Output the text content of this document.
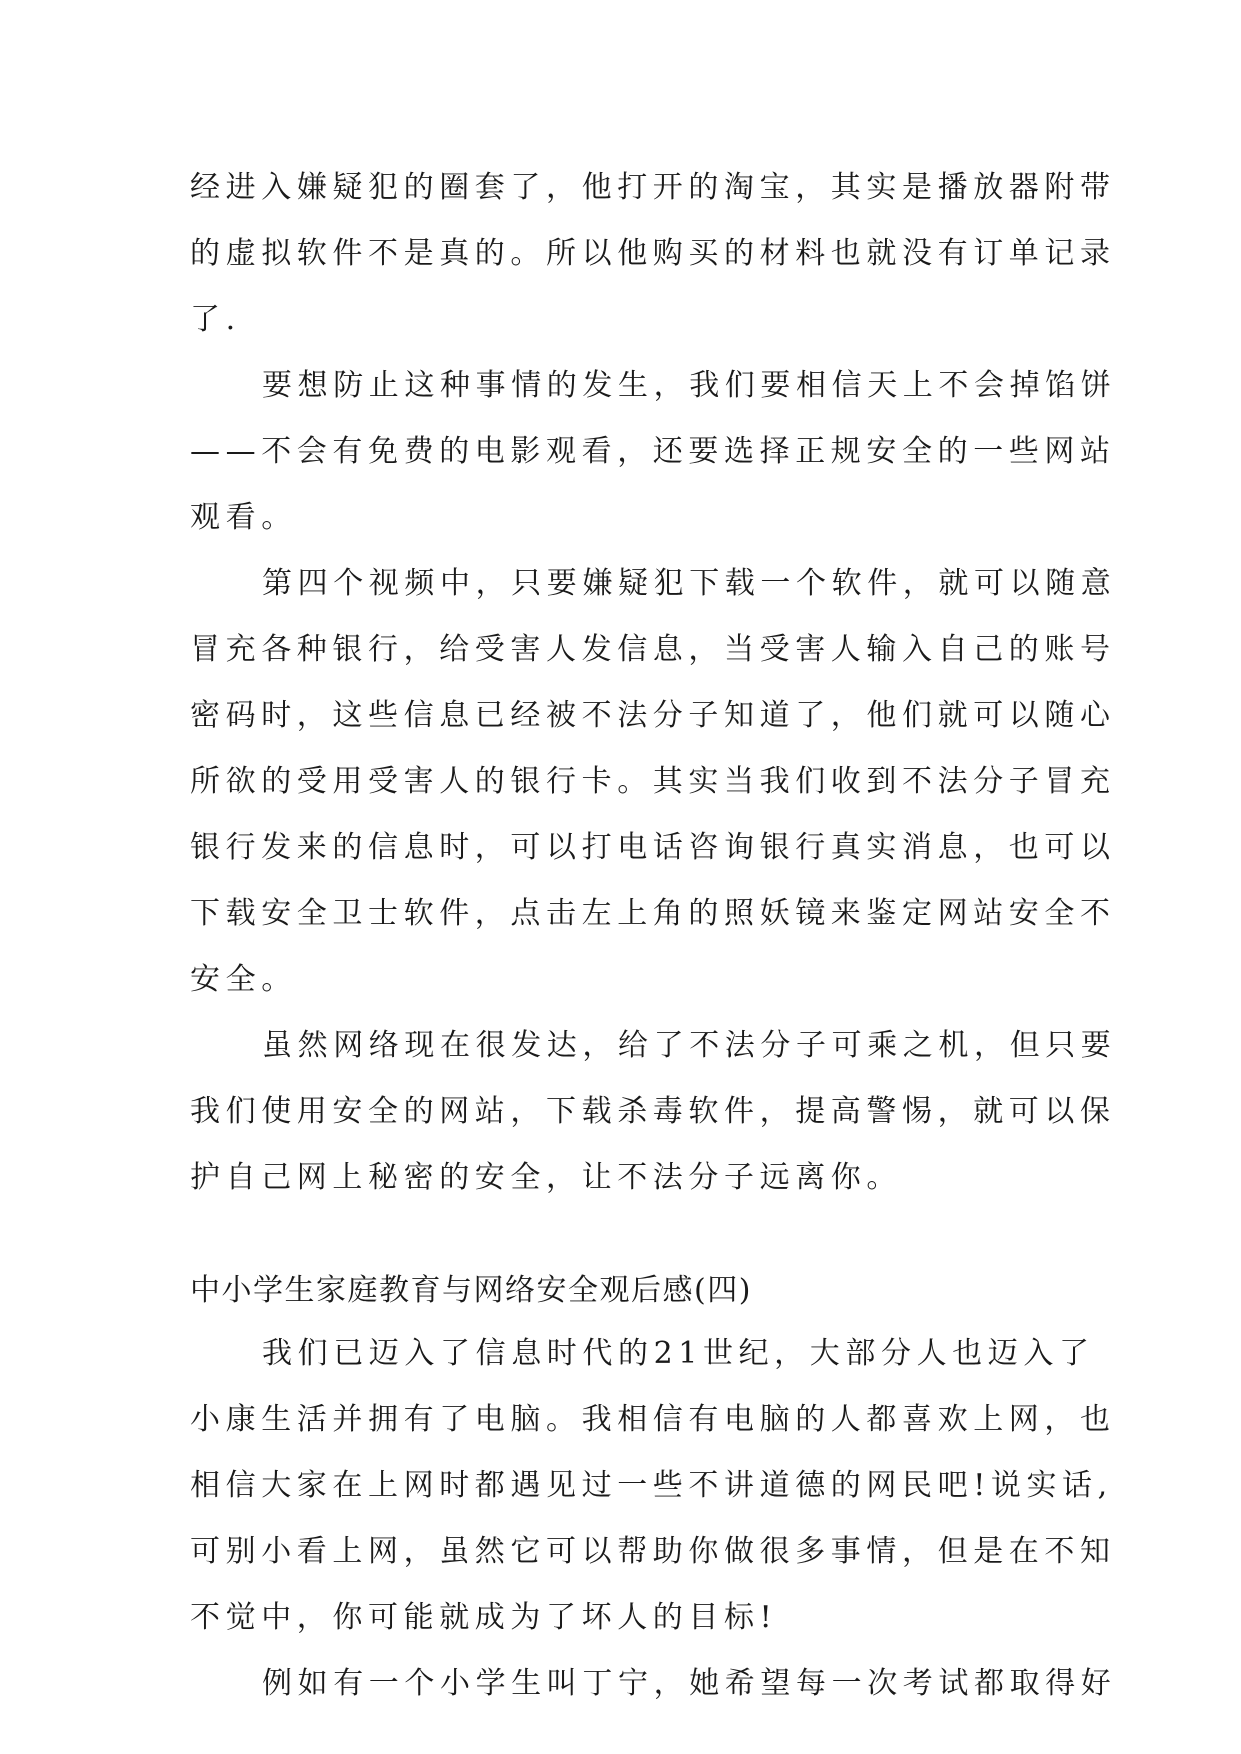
经进入嫌疑犯的圈套了，他打开的淘宝，其实是播放器附带
的虚拟软件不是真的。所以他购买的材料也就没有订单记录
了.
要想防止这种事情的发生，我们要相信天上不会掉馅饼
——不会有免费的电影观看，还要选择正规安全的一些网站
观看。
第四个视频中，只要嫌疑犯下载一个软件，就可以随意
冒充各种银行，给受害人发信息，当受害人输入自己的账号
密码时，这些信息已经被不法分子知道了，他们就可以随心
所欲的受用受害人的银行卡。其实当我们收到不法分子冒充
银行发来的信息时，可以打电话咨询银行真实消息，也可以
下载安全卫士软件，点击左上角的照妖镜来鉴定网站安全不
安全。
虽然网络现在很发达，给了不法分子可乘之机，但只要
我们使用安全的网站，下载杀毒软件，提高警惕，就可以保
护自己网上秘密的安全，让不法分子远离你。
中小学生家庭教育与网络安全观后感(四)
我们已迈入了信息时代的21世纪，大部分人也迈入了
小康生活并拥有了电脑。我相信有电脑的人都喜欢上网，也
相信大家在上网时都遇见过一些不讲道德的网民吧!说实话,
可别小看上网，虽然它可以帮助你做很多事情，但是在不知
不觉中，你可能就成为了坏人的目标!
例如有一个小学生叫丁宁，她希望每一次考试都取得好
